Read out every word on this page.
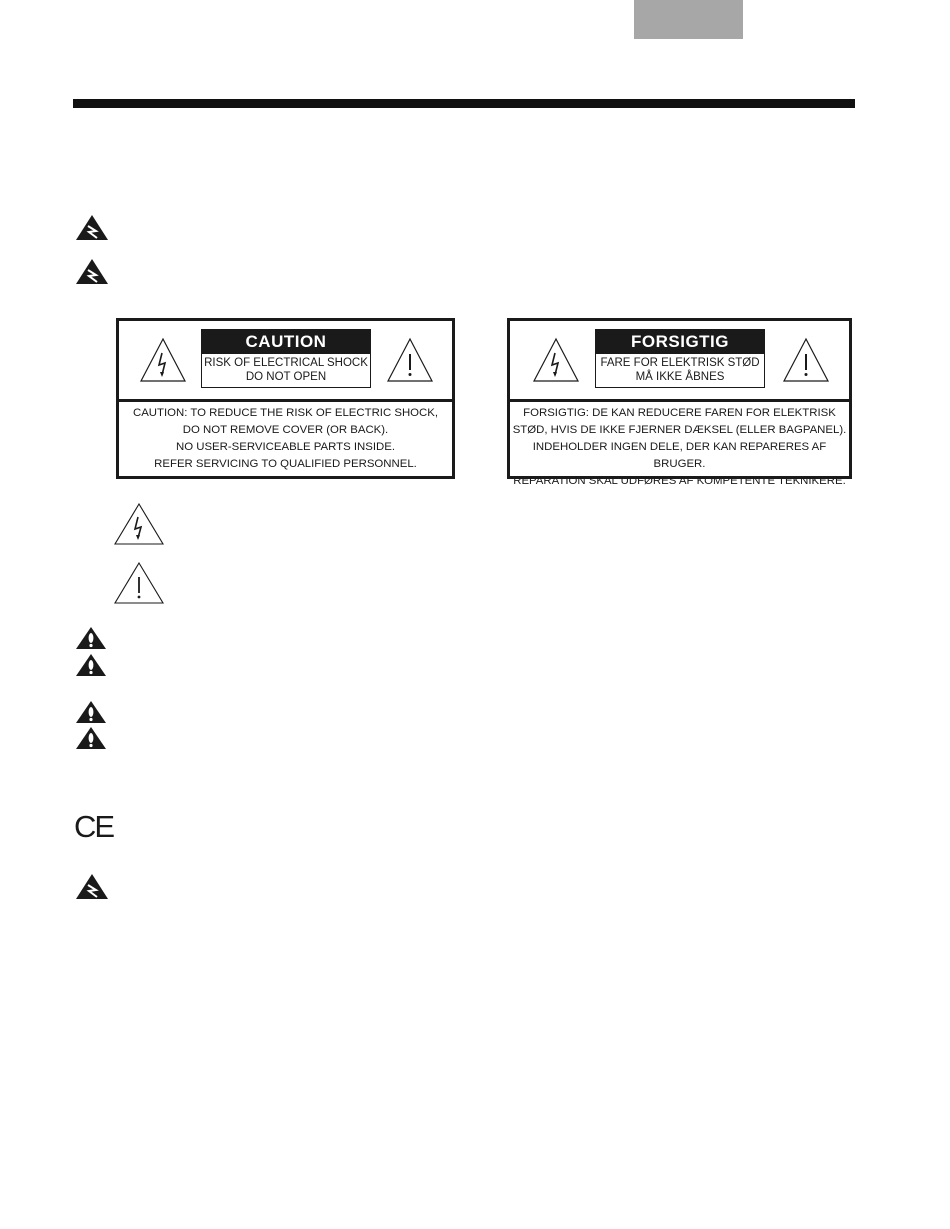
CAUTION
RISK OF ELECTRICAL SHOCK
DO NOT OPEN
CAUTION: TO REDUCE THE RISK OF ELECTRIC SHOCK,
DO NOT REMOVE COVER (OR BACK).
NO USER-SERVICEABLE PARTS INSIDE.
REFER SERVICING TO QUALIFIED PERSONNEL.
FORSIGTIG
FARE FOR ELEKTRISK STØD
MÅ IKKE ÅBNES
FORSIGTIG: DE KAN REDUCERE FAREN FOR ELEKTRISK
STØD, HVIS DE IKKE FJERNER DÆKSEL (ELLER BAGPANEL).
INDEHOLDER INGEN DELE, DER KAN REPARERES AF BRUGER.
REPARATION SKAL UDFØRES AF KOMPETENTE TEKNIKERE.
CE
